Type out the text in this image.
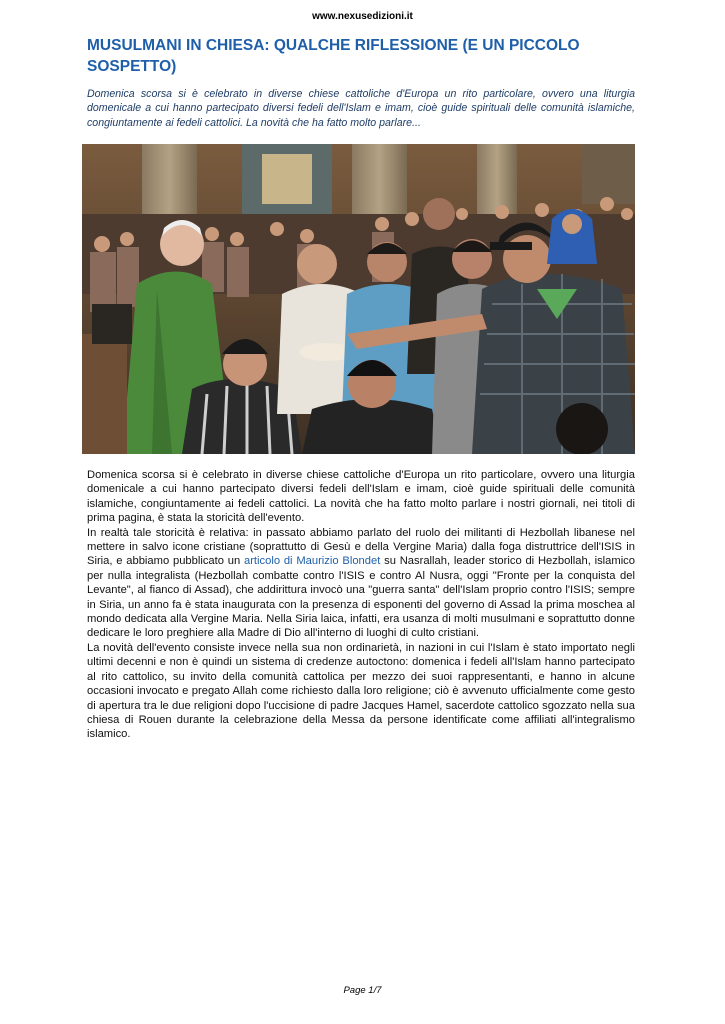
www.nexusedizioni.it
MUSULMANI IN CHIESA: QUALCHE RIFLESSIONE (E UN PICCOLO SOSPETTO)

Domenica scorsa si è celebrato in diverse chiese cattoliche d'Europa un rito particolare, ovvero una liturgia domenicale a cui hanno partecipato diversi fedeli dell'Islam e imam, cioè guide spirituali delle comunità islamiche, congiuntamente ai fedeli cattolici. La novità che ha fatto molto parlare...

Domenica scorsa si è celebrato in diverse chiese cattoliche d'Europa un rito particolare, ovvero una liturgia domenicale a cui hanno partecipato diversi fedeli dell'Islam e imam, cioè guide spirituali delle comunità islamiche, congiuntamente ai fedeli cattolici. La novità che ha fatto molto parlare i nostri giornali, nei titoli di prima pagina, è stata la storicità dell'evento.

In realtà tale storicità è relativa: in passato abbiamo parlato del ruolo dei militanti di Hezbollah libanese nel mettere in salvo icone cristiane (soprattutto di Gesù e della Vergine Maria) dalla foga distruttrice dell'ISIS in Siria, e abbiamo pubblicato un articolo di Maurizio Blondet su Nasrallah, leader storico di Hezbollah, islamico per nulla integralista (Hezbollah combatte contro l'ISIS e contro Al Nusra, oggi "Fronte per la conquista del Levante", al fianco di Assad), che addirittura invocò una "guerra santa" dell'Islam proprio contro l'ISIS; sempre in Siria, un anno fa è stata inaugurata con la presenza di esponenti del governo di Assad la prima moschea al mondo dedicata alla Vergine Maria. Nella Siria laica, infatti, era usanza di molti musulmani e soprattutto donne dedicare le loro preghiere alla Madre di Dio all'interno di luoghi di culto cristiani.

La novità dell'evento consiste invece nella sua non ordinarietà, in nazioni in cui l'Islam è stato importato negli ultimi decenni e non è quindi un sistema di credenze autoctono: domenica i fedeli all'Islam hanno partecipato al rito cattolico, su invito della comunità cattolica per mezzo dei suoi rappresentanti, e hanno in alcune occasioni invocato e pregato Allah come richiesto dalla loro religione; ciò è avvenuto ufficialmente come gesto di apertura tra le due religioni dopo l'uccisione di padre Jacques Hamel, sacerdote cattolico sgozzato nella sua chiesa di Rouen durante la celebrazione della Messa da persone identificate come affiliati all'integralismo islamico.

Page 1/7
